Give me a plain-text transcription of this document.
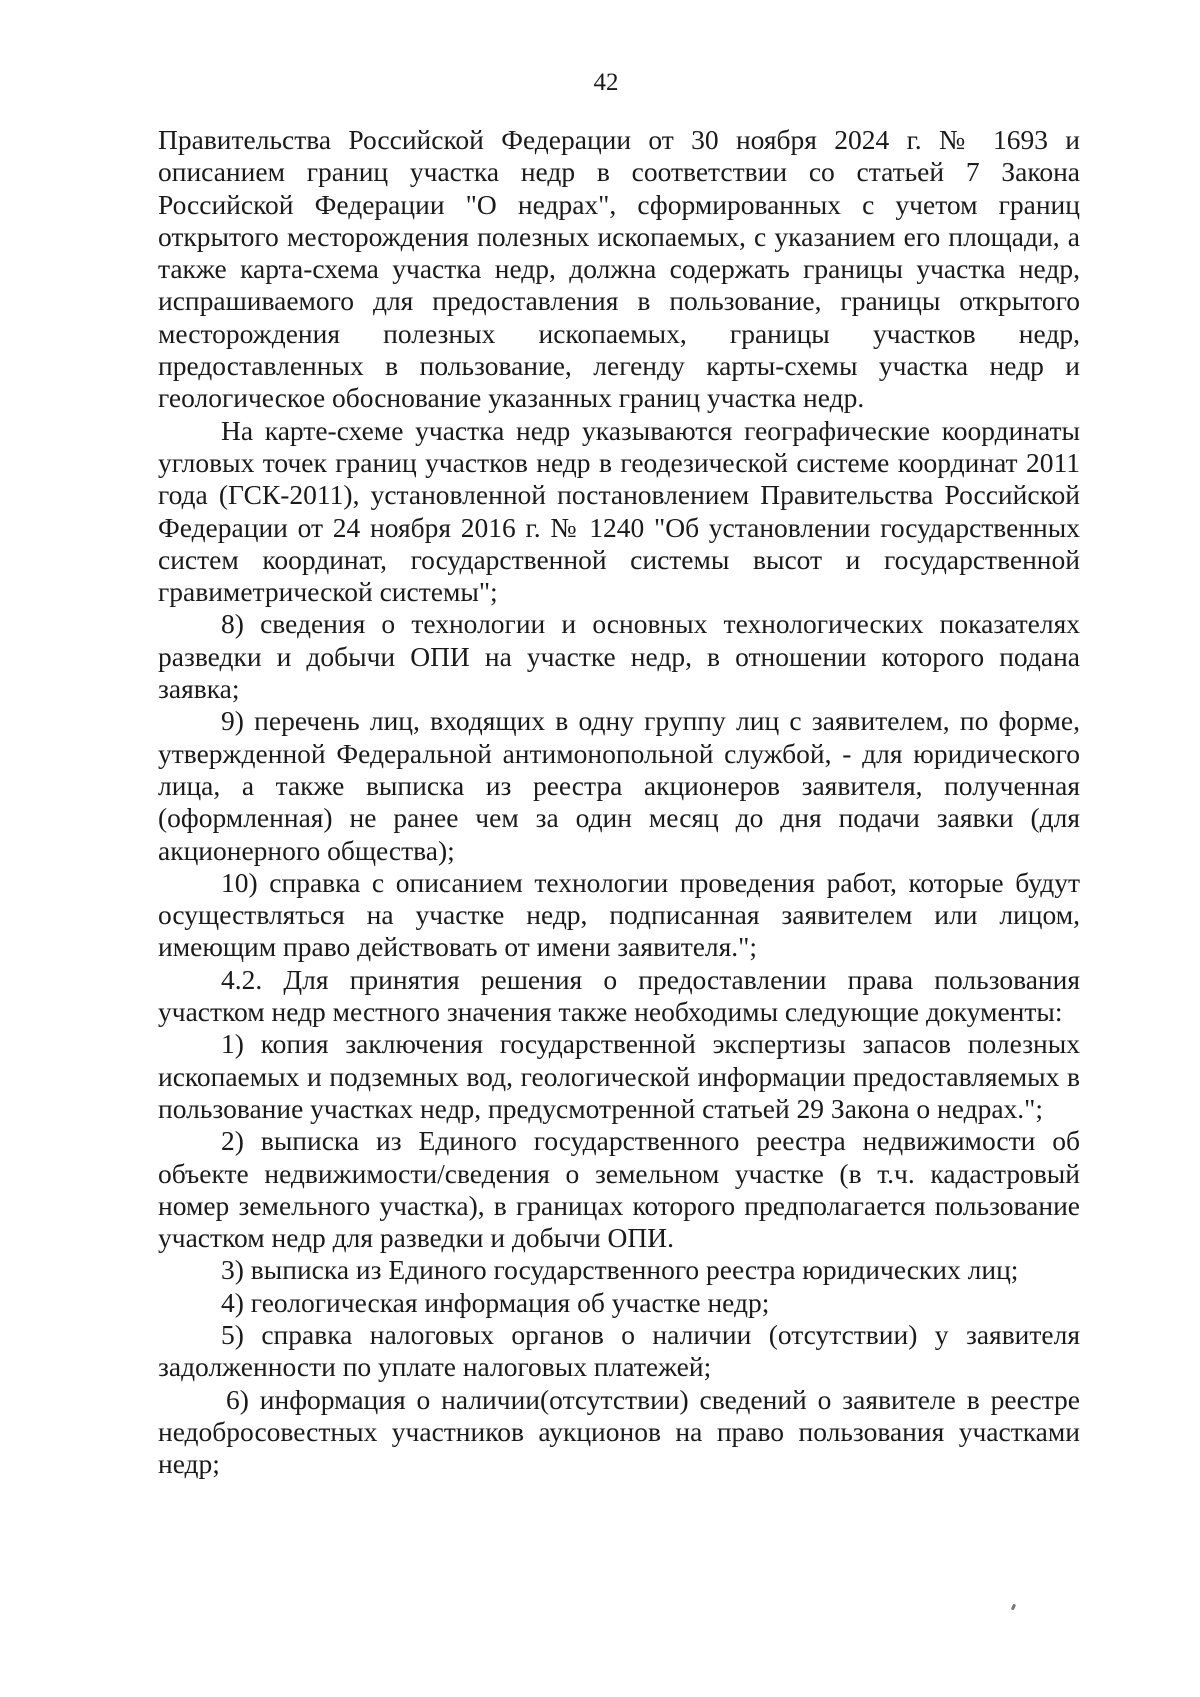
42

Правительства Российской Федерации от 30 ноября 2024 г. № 1693 и описанием границ участка недр в соответствии со статьей 7 Закона Российской Федерации "О недрах", сформированных с учетом границ открытого месторождения полезных ископаемых, с указанием его площади, а также карта-схема участка недр, должна содержать границы участка недр, испрашиваемого для предоставления в пользование, границы открытого месторождения полезных ископаемых, границы участков недр, предоставленных в пользование, легенду карты-схемы участка недр и геологическое обоснование указанных границ участка недр.

На карте-схеме участка недр указываются географические координаты угловых точек границ участков недр в геодезической системе координат 2011 года (ГСК-2011), установленной постановлением Правительства Российской Федерации от 24 ноября 2016 г. № 1240 "Об установлении государственных систем координат, государственной системы высот и государственной гравиметрической системы";

8) сведения о технологии и основных технологических показателях разведки и добычи ОПИ на участке недр, в отношении которого подана заявка;

9) перечень лиц, входящих в одну группу лиц с заявителем, по форме, утвержденной Федеральной антимонопольной службой, - для юридического лица, а также выписка из реестра акционеров заявителя, полученная (оформленная) не ранее чем за один месяц до дня подачи заявки (для акционерного общества);

10) справка с описанием технологии проведения работ, которые будут осуществляться на участке недр, подписанная заявителем или лицом, имеющим право действовать от имени заявителя.";

4.2. Для принятия решения о предоставлении права пользования участком недр местного значения также необходимы следующие документы:

1) копия заключения государственной экспертизы запасов полезных ископаемых и подземных вод, геологической информации предоставляемых в пользование участках недр, предусмотренной статьей 29 Закона о недрах.";

2) выписка из Единого государственного реестра недвижимости об объекте недвижимости/сведения о земельном участке (в т.ч. кадастровый номер земельного участка), в границах которого предполагается пользование участком недр для разведки и добычи ОПИ.

3) выписка из Единого государственного реестра юридических лиц;

4) геологическая информация об участке недр;

5) справка налоговых органов о наличии (отсутствии) у заявителя задолженности по уплате налоговых платежей;

6) информация о наличии(отсутствии) сведений о заявителе в реестре недобросовестных участников аукционов на право пользования участками недр;
